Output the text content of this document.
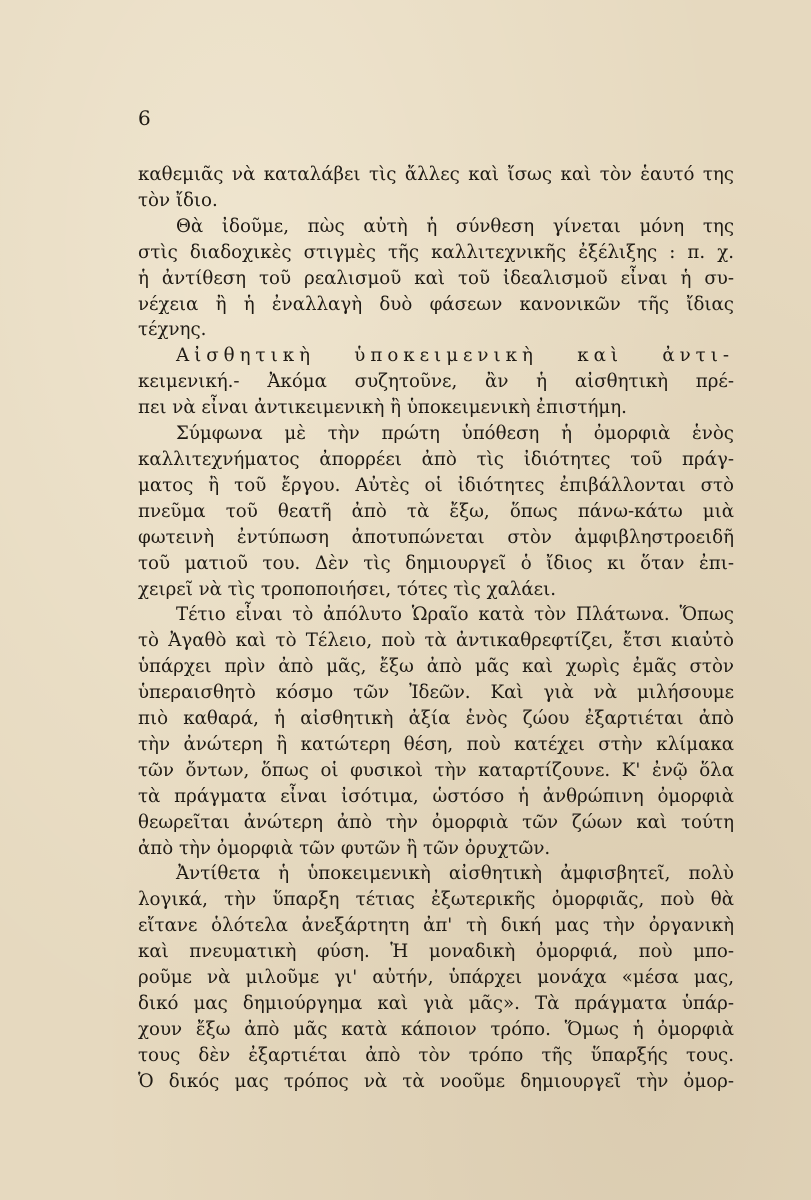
6
καθεμιᾶς νὰ καταλάβει τὶς ἄλλες καὶ ἴσως καὶ τὸν ἑαυτό της
τὸν ἴδιο.
Θὰ ἰδοῦμε, πὼς αὐτὴ ἡ σύνθεση γίνεται μόνη της
στὶς διαδοχικὲς στιγμὲς τῆς καλλιτεχνικῆς ἐξέλιξης : π. χ.
ἡ ἀντίθεση τοῦ ρεαλισμοῦ καὶ τοῦ ἰδεαλισμοῦ εἶναι ἡ συ-
νέχεια ἢ ἡ ἐναλλαγὴ δυὸ φάσεων κανονικῶν τῆς ἴδιας
τέχνης.
Αἰσθητικὴ ὑποκειμενικὴ καὶ ἀντι-
κειμενική.- Ἀκόμα συζητοῦνε, ἂν ἡ αἰσθητικὴ πρέ-
πει νὰ εἶναι ἀντικειμενικὴ ἢ ὑποκειμενικὴ ἐπιστήμη.
Σύμφωνα μὲ τὴν πρώτη ὑπόθεση ἡ ὀμορφιὰ ἑνὸς
καλλιτεχνήματος ἀπορρέει ἀπὸ τὶς ἰδιότητες τοῦ πράγ-
ματος ἢ τοῦ ἔργου. Αὐτὲς οἱ ἰδιότητες ἐπιβάλλονται στὸ
πνεῦμα τοῦ θεατῆ ἀπὸ τὰ ἔξω, ὅπως πάνω-κάτω μιὰ
φωτεινὴ ἐντύπωση ἀποτυπώνεται στὸν ἀμφιβληστροειδῆ
τοῦ ματιοῦ του. Δὲν τὶς δημιουργεῖ ὁ ἴδιος κι ὅταν ἐπι-
χειρεῖ νὰ τὶς τροποποιήσει, τότες τὶς χαλάει.
Τέτιο εἶναι τὸ ἀπόλυτο Ὡραῖο κατὰ τὸν Πλάτωνα. Ὅπως
τὸ Ἀγαθὸ καὶ τὸ Τέλειο, ποὺ τὰ ἀντικαθρεφτίζει, ἔτσι κιαὐτὸ
ὑπάρχει πρὶν ἀπὸ μᾶς, ἔξω ἀπὸ μᾶς καὶ χωρὶς ἐμᾶς στὸν
ὑπεραισθητὸ κόσμο τῶν Ἰδεῶν. Καὶ γιὰ νὰ μιλήσουμε
πιὸ καθαρά, ἡ αἰσθητικὴ ἀξία ἑνὸς ζώου ἐξαρτιέται ἀπὸ
τὴν ἀνώτερη ἢ κατώτερη θέση, ποὺ κατέχει στὴν κλίμακα
τῶν ὄντων, ὅπως οἱ φυσικοὶ τὴν καταρτίζουνε. Κ' ἐνῷ ὅλα
τὰ πράγματα εἶναι ἰσότιμα, ὡστόσο ἡ ἀνθρώπινη ὀμορφιὰ
θεωρεῖται ἀνώτερη ἀπὸ τὴν ὀμορφιὰ τῶν ζώων καὶ τούτη
ἀπὸ τὴν ὀμορφιὰ τῶν φυτῶν ἢ τῶν ὀρυχτῶν.
Ἀντίθετα ἡ ὑποκειμενικὴ αἰσθητικὴ ἀμφισβητεῖ, πολὺ
λογικά, τὴν ὕπαρξη τέτιας ἐξωτερικῆς ὀμορφιᾶς, ποὺ θὰ
εἴτανε ὁλότελα ἀνεξάρτητη ἀπ' τὴ δική μας τὴν ὀργανικὴ
καὶ πνευματικὴ φύση. Ἡ μοναδικὴ ὀμορφιά, ποὺ μπο-
ροῦμε νὰ μιλοῦμε γι' αὐτήν, ὑπάρχει μονάχα «μέσα μας,
δικό μας δημιούργημα καὶ γιὰ μᾶς». Τὰ πράγματα ὑπάρ-
χουν ἔξω ἀπὸ μᾶς κατὰ κάποιον τρόπο. Ὅμως ἡ ὀμορφιὰ
τους δὲν ἐξαρτιέται ἀπὸ τὸν τρόπο τῆς ὕπαρξής τους.
Ὁ δικός μας τρόπος νὰ τὰ νοοῦμε δημιουργεῖ τὴν ὀμορ-
